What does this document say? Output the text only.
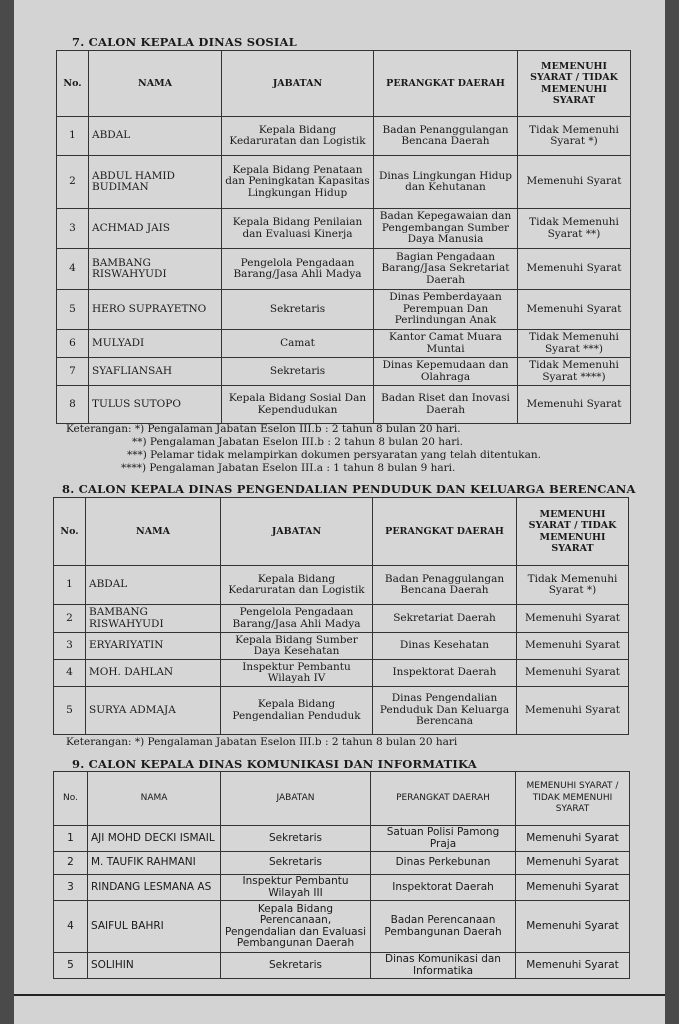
7. CALON KEPALA DINAS SOSIAL
No.	NAMA	JABATAN	PERANGKAT DAERAH	MEMENUHI SYARAT / TIDAK MEMENUHI SYARAT
1	ABDAL	Kepala Bidang Kedaruratan dan Logistik	Badan Penanggulangan Bencana Daerah	Tidak Memenuhi Syarat *)
2	ABDUL HAMID BUDIMAN	Kepala Bidang Penataan dan Peningkatan Kapasitas Lingkungan Hidup	Dinas Lingkungan Hidup dan Kehutanan	Memenuhi Syarat
3	ACHMAD JAIS	Kepala Bidang Penilaian dan Evaluasi Kinerja	Badan Kepegawaian dan Pengembangan Sumber Daya Manusia	Tidak Memenuhi Syarat **)
4	BAMBANG RISWAHYUDI	Pengelola Pengadaan Barang/Jasa Ahli Madya	Bagian Pengadaan Barang/Jasa Sekretariat Daerah	Memenuhi Syarat
5	HERO SUPRAYETNO	Sekretaris	Dinas Pemberdayaan Perempuan Dan Perlindungan Anak	Memenuhi Syarat
6	MULYADI	Camat	Kantor Camat Muara Muntai	Tidak Memenuhi Syarat ***)
7	SYAFLIANSAH	Sekretaris	Dinas Kepemudaan dan Olahraga	Tidak Memenuhi Syarat ****)
8	TULUS SUTOPO	Kepala Bidang Sosial Dan Kependudukan	Badan Riset dan Inovasi Daerah	Memenuhi Syarat
Keterangan: *) Pengalaman Jabatan Eselon III.b : 2 tahun 8 bulan 20 hari.
**) Pengalaman Jabatan Eselon III.b : 2 tahun 8 bulan 20 hari.
***) Pelamar tidak melampirkan dokumen persyaratan yang telah ditentukan.
****) Pengalaman Jabatan Eselon III.a : 1 tahun 8 bulan 9 hari.
8. CALON KEPALA DINAS PENGENDALIAN PENDUDUK DAN KELUARGA BERENCANA
No.	NAMA	JABATAN	PERANGKAT DAERAH	MEMENUHI SYARAT / TIDAK MEMENUHI SYARAT
1	ABDAL	Kepala Bidang Kedaruratan dan Logistik	Badan Penaggulangan Bencana Daerah	Tidak Memenuhi Syarat *)
2	BAMBANG RISWAHYUDI	Pengelola Pengadaan Barang/Jasa Ahli Madya	Sekretariat Daerah	Memenuhi Syarat
3	ERYARIYATIN	Kepala Bidang Sumber Daya Kesehatan	Dinas Kesehatan	Memenuhi Syarat
4	MOH. DAHLAN	Inspektur Pembantu Wilayah IV	Inspektorat Daerah	Memenuhi Syarat
5	SURYA ADMAJA	Kepala Bidang Pengendalian Penduduk	Dinas Pengendalian Penduduk Dan Keluarga Berencana	Memenuhi Syarat
Keterangan: *) Pengalaman Jabatan Eselon III.b : 2 tahun 8 bulan 20 hari
9. CALON KEPALA DINAS KOMUNIKASI DAN INFORMATIKA
No.	NAMA	JABATAN	PERANGKAT DAERAH	MEMENUHI SYARAT / TIDAK MEMENUHI SYARAT
1	AJI MOHD DECKI ISMAIL	Sekretaris	Satuan Polisi Pamong Praja	Memenuhi Syarat
2	M. TAUFIK RAHMANI	Sekretaris	Dinas Perkebunan	Memenuhi Syarat
3	RINDANG LESMANA AS	Inspektur Pembantu Wilayah III	Inspektorat Daerah	Memenuhi Syarat
4	SAIFUL BAHRI	Kepala Bidang Perencanaan, Pengendalian dan Evaluasi Pembangunan Daerah	Badan Perencanaan Pembangunan Daerah	Memenuhi Syarat
5	SOLIHIN	Sekretaris	Dinas Komunikasi dan Informatika	Memenuhi Syarat
